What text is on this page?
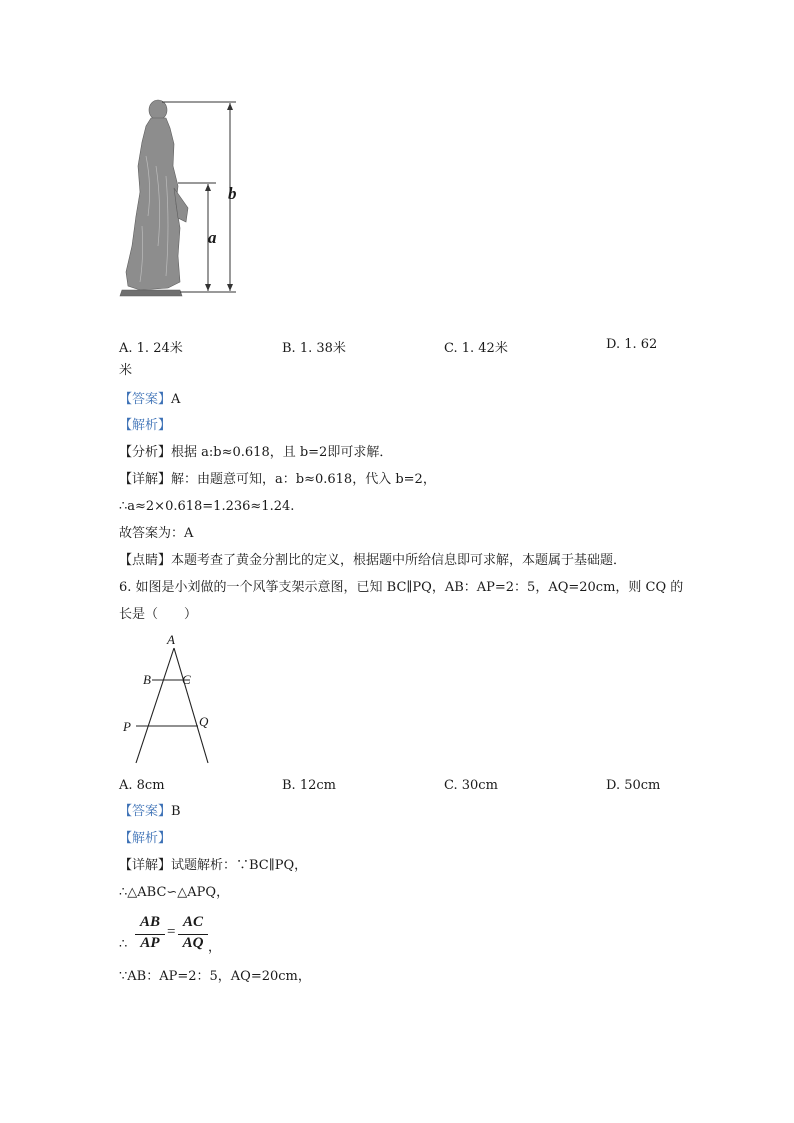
a
b
A. 1. 24米	B. 1. 38米	C. 1. 42米	D. 1. 62
米
【答案】A
【解析】
【分析】根据 a:b≈0.618，且 b=2即可求解．
【详解】解：由题意可知，a：b≈0.618，代入 b=2，
∴a≈2×0.618=1.236≈1.24.
故答案为：A
【点睛】本题考查了黄金分割比的定义，根据题中所给信息即可求解，本题属于基础题．
6. 如图是小刘做的一个风筝支架示意图，已知 BC∥PQ，AB：AP=2：5，AQ=20cm，则 CQ 的
长是（　　）
A
B C
P	Q
A. 8cm	B. 12cm	C. 30cm	D. 50cm
【答案】B
【解析】
【详解】试题解析：∵BC∥PQ，
∴△ABC∽△APQ，
∴
AB
AP
=
AC
AQ ，
∵AB：AP=2：5，AQ=20cm，
